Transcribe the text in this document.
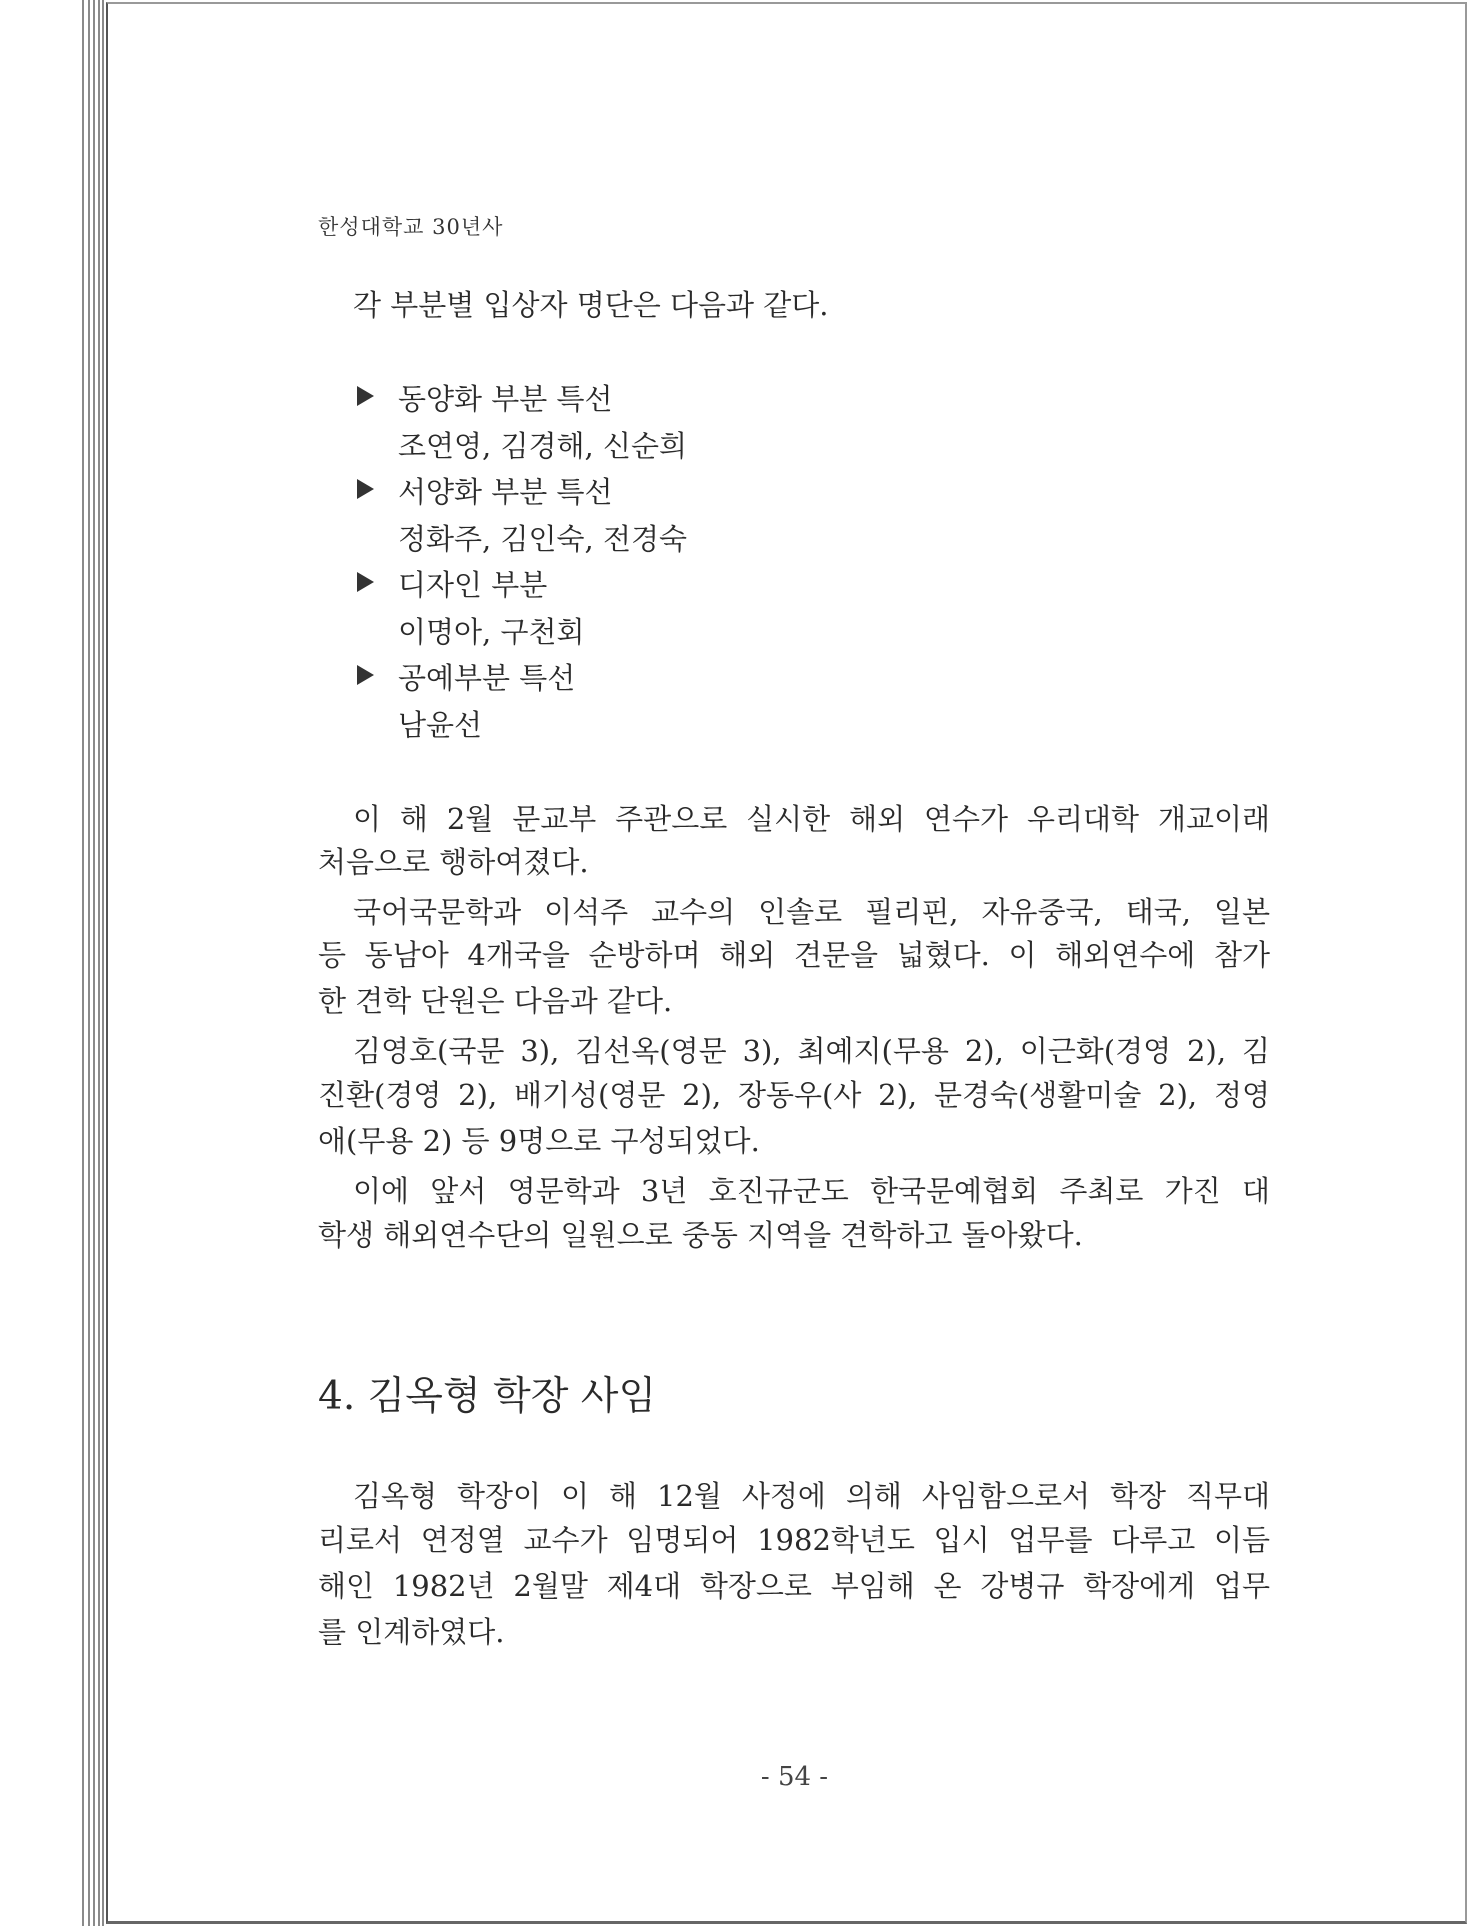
한성대학교 30년사
각 부분별 입상자 명단은 다음과 같다.
동양화 부분 특선
조연영, 김경해, 신순희
서양화 부분 특선
정화주, 김인숙, 전경숙
디자인 부분
이명아, 구천회
공예부분 특선
남윤선
이 해 2월 문교부 주관으로 실시한 해외 연수가 우리대학 개교이래
처음으로 행하여졌다.
국어국문학과 이석주 교수의 인솔로 필리핀, 자유중국, 태국, 일본
등 동남아 4개국을 순방하며 해외 견문을 넓혔다. 이 해외연수에 참가
한 견학 단원은 다음과 같다.
김영호(국문 3), 김선옥(영문 3), 최예지(무용 2), 이근화(경영 2), 김
진환(경영 2), 배기성(영문 2), 장동우(사 2), 문경숙(생활미술 2), 정영
애(무용 2) 등 9명으로 구성되었다.
이에 앞서 영문학과 3년 호진규군도 한국문예협회 주최로 가진 대
학생 해외연수단의 일원으로 중동 지역을 견학하고 돌아왔다.
4. 김옥형 학장 사임
김옥형 학장이 이 해 12월 사정에 의해 사임함으로서 학장 직무대
리로서 연정열 교수가 임명되어 1982학년도 입시 업무를 다루고 이듬
해인 1982년 2월말 제4대 학장으로 부임해 온 강병규 학장에게 업무
를 인계하였다.
- 54 -
